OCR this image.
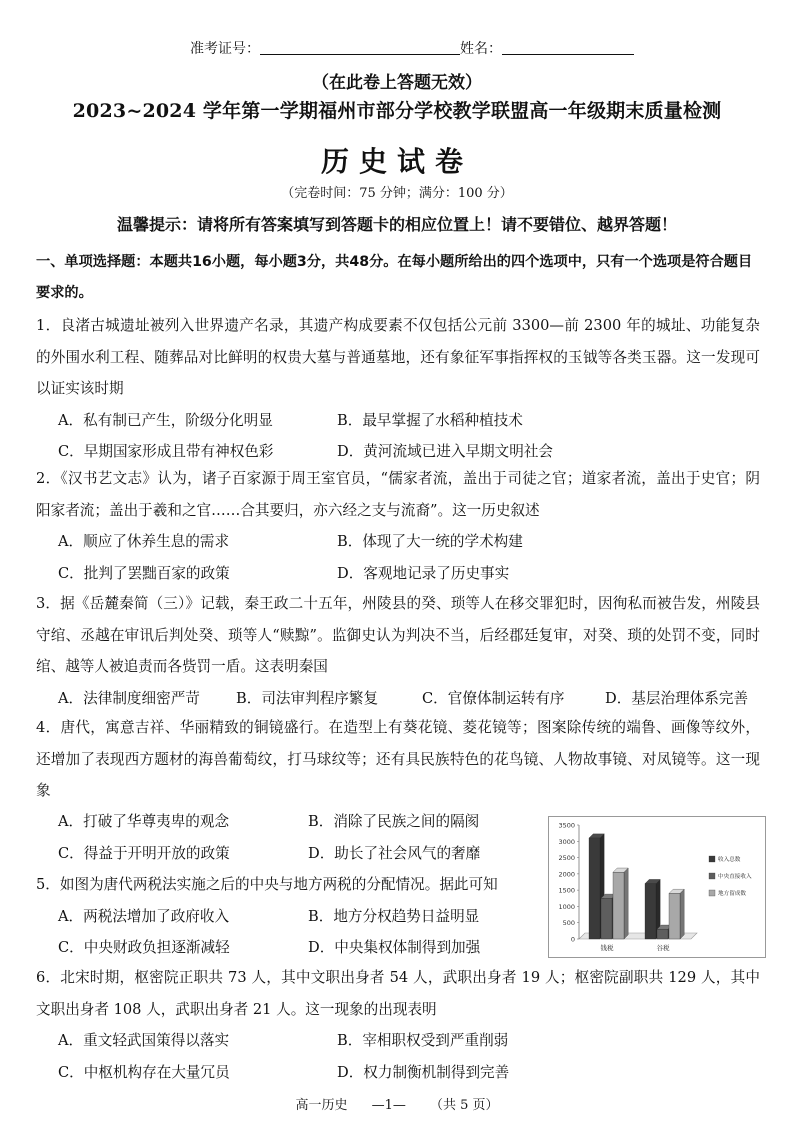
准考证号：	姓名：
（在此卷上答题无效）
2023~2024 学年第一学期福州市部分学校教学联盟高一年级期末质量检测
历史试卷
（完卷时间：75 分钟；满分：100 分）
温馨提示：请将所有答案填写到答题卡的相应位置上！请不要错位、越界答题！
一、单项选择题：本题共16小题，每小题3分，共48分。在每小题所给出的四个选项中，只有一个选项是符合题目要求的。
1．良渚古城遗址被列入世界遗产名录，其遗产构成要素不仅包括公元前 3300—前 2300 年的城址、功能复杂的外围水利工程、随葬品对比鲜明的权贵大墓与普通墓地，还有象征军事指挥权的玉钺等各类玉器。这一发现可以证实该时期
A．私有制已产生，阶级分化明显	B．最早掌握了水稻种植技术
C．早期国家形成且带有神权色彩	D．黄河流域已进入早期文明社会
2．《汉书艺文志》认为，诸子百家源于周王室官员，“儒家者流，盖出于司徒之官；道家者流，盖出于史官；阴阳家者流；盖出于羲和之官……合其要归，亦六经之支与流裔”。这一历史叙述
A．顺应了休养生息的需求	B．体现了大一统的学术构建
C．批判了罢黜百家的政策	D．客观地记录了历史事实
3．据《岳麓秦简（三）》记载，秦王政二十五年，州陵县的癸、琐等人在移交罪犯时，因徇私而被告发，州陵县守绾、丞越在审讯后判处癸、琐等人“赎黥”。监御史认为判决不当，后经郡廷复审，对癸、琐的处罚不变，同时绾、越等人被追责而各赀罚一盾。这表明秦国
A．法律制度细密严苛	B．司法审判程序繁复	C．官僚体制运转有序	D．基层治理体系完善
4．唐代，寓意吉祥、华丽精致的铜镜盛行。在造型上有葵花镜、菱花镜等；图案除传统的端鲁、画像等纹外，还增加了表现西方题材的海兽葡萄纹，打马球纹等；还有具民族特色的花鸟镜、人物故事镜、对凤镜等。这一现象
A．打破了华尊夷卑的观念	B．消除了民族之间的隔阂
C．得益于开明开放的政策	D．助长了社会风气的奢靡
5．如图为唐代两税法实施之后的中央与地方两税的分配情况。据此可知
A．两税法增加了政府收入	B．地方分权趋势日益明显
C．中央财政负担逐渐减轻	D．中央集权体制得到加强	0
500
1000
1500
2000
2500
3000
3500
钱税	谷税
收入总数
中央直接收入
地方留成数
6．北宋时期，枢密院正职共 73 人，其中文职出身者 54 人，武职出身者 19 人；枢密院副职共 129 人，其中文职出身者 108 人，武职出身者 21 人。这一现象的出现表明
A．重文轻武国策得以落实	B．宰相职权受到严重削弱
C．中枢机构存在大量冗员	D．权力制衡机制得到完善
高一历史 —1— （共 5 页）
